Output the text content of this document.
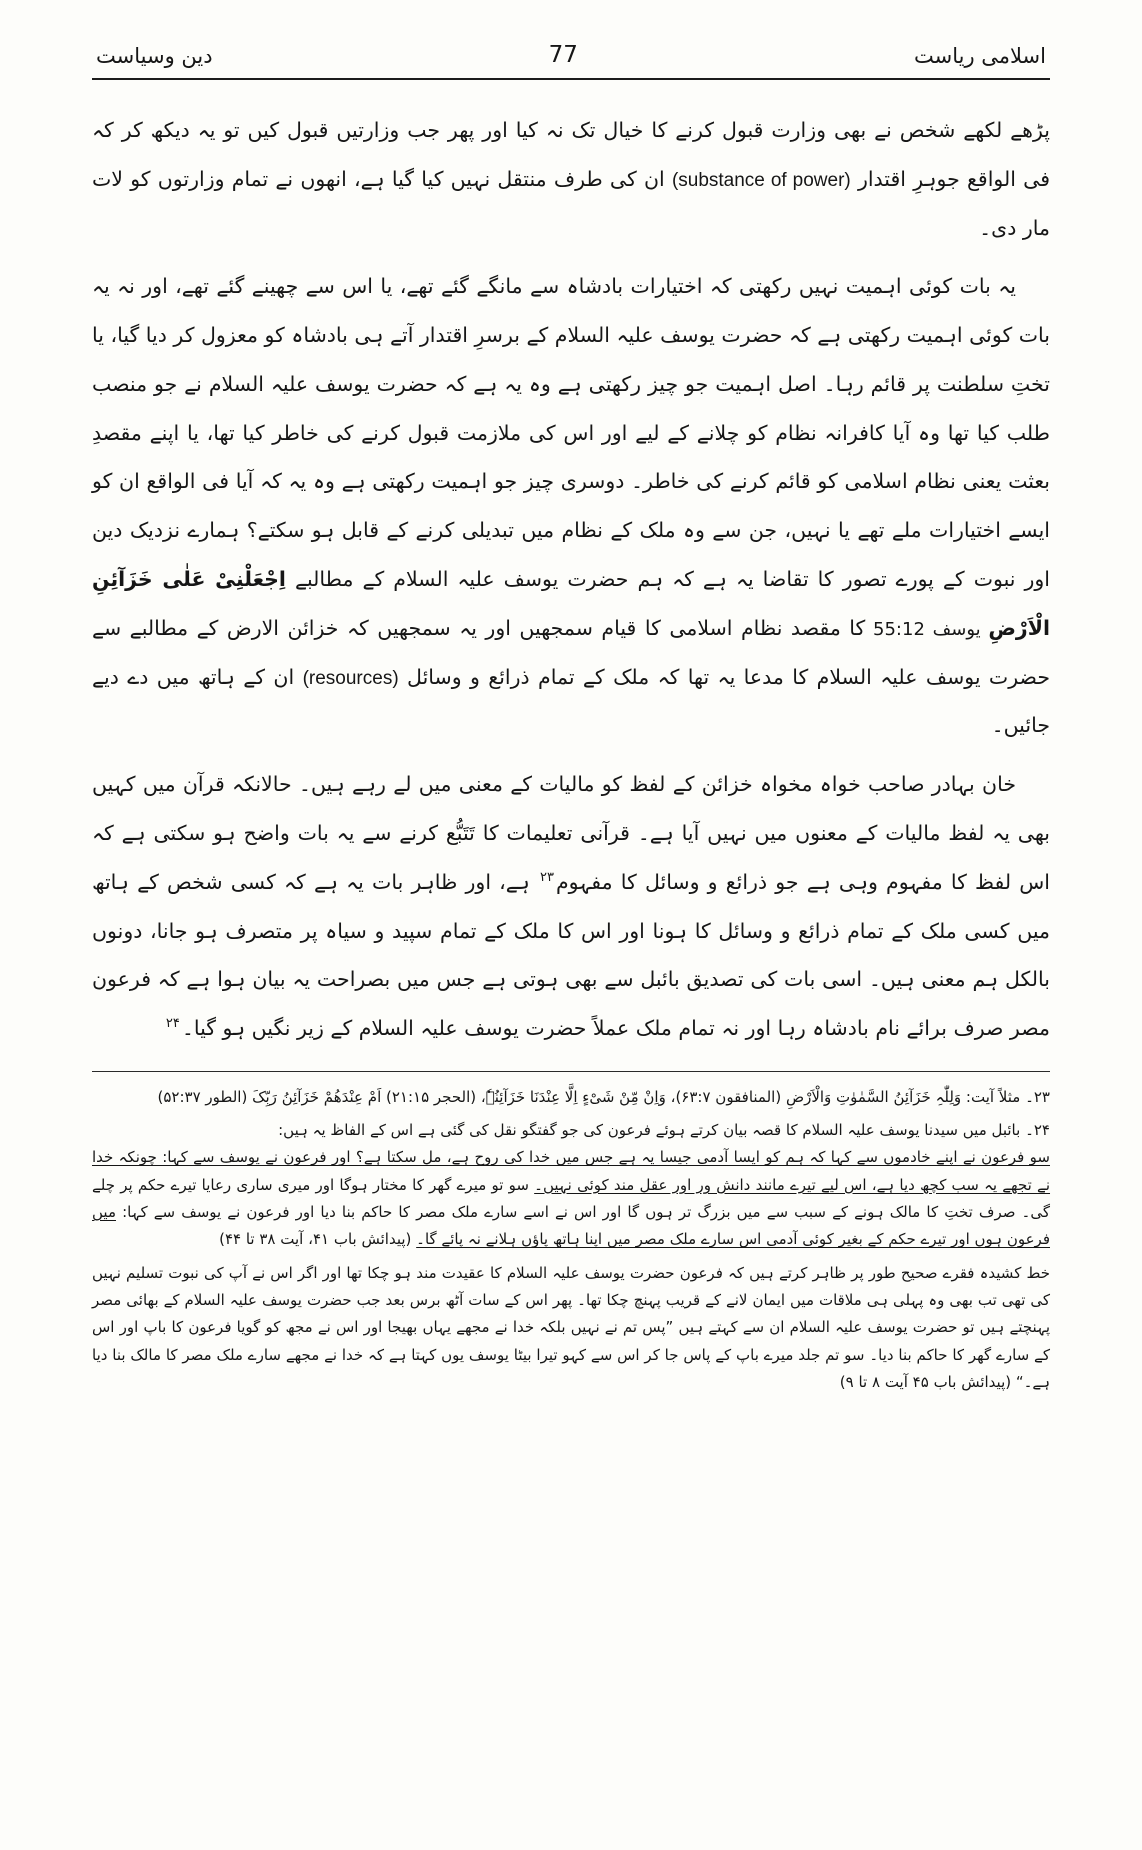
اسلامی ریاست
77
دین وسیاست

پڑھے لکھے شخص نے بھی وزارت قبول کرنے کا خیال تک نہ کیا اور پھر جب وزارتیں قبول کیں تو یہ دیکھ کر کہ فی الواقع جوہرِ اقتدار (substance of power) ان کی طرف منتقل نہیں کیا گیا ہے، انھوں نے تمام وزارتوں کو لات مار دی۔

یہ بات کوئی اہمیت نہیں رکھتی کہ اختیارات بادشاہ سے مانگے گئے تھے، یا اس سے چھینے گئے تھے، اور نہ یہ بات کوئی اہمیت رکھتی ہے کہ حضرت یوسف علیہ السلام کے برسرِ اقتدار آتے ہی بادشاہ کو معزول کر دیا گیا، یا تختِ سلطنت پر قائم رہا۔ اصل اہمیت جو چیز رکھتی ہے وہ یہ ہے کہ حضرت یوسف علیہ السلام نے جو منصب طلب کیا تھا وہ آیا کافرانہ نظام کو چلانے کے لیے اور اس کی ملازمت قبول کرنے کی خاطر کیا تھا، یا اپنے مقصدِ بعثت یعنی نظام اسلامی کو قائم کرنے کی خاطر۔ دوسری چیز جو اہمیت رکھتی ہے وہ یہ کہ آیا فی الواقع ان کو ایسے اختیارات ملے تھے یا نہیں، جن سے وہ ملک کے نظام میں تبدیلی کرنے کے قابل ہو سکتے؟ ہمارے نزدیک دین اور نبوت کے پورے تصور کا تقاضا یہ ہے کہ ہم حضرت یوسف علیہ السلام کے مطالبے اِجْعَلْنِیْ عَلٰی خَزَآئِنِ الْاَرْضِ یوسف 55:12 کا مقصد نظام اسلامی کا قیام سمجھیں اور یہ سمجھیں کہ خزائن الارض کے مطالبے سے حضرت یوسف علیہ السلام کا مدعا یہ تھا کہ ملک کے تمام ذرائع و وسائل (resources) ان کے ہاتھ میں دے دیے جائیں۔

خان بہادر صاحب خواہ مخواہ خزائن کے لفظ کو مالیات کے معنی میں لے رہے ہیں۔ حالانکہ قرآن میں کہیں بھی یہ لفظ مالیات کے معنوں میں نہیں آیا ہے۔ قرآنی تعلیمات کا تَتَبُّع کرنے سے یہ بات واضح ہو سکتی ہے کہ اس لفظ کا مفہوم وہی ہے جو ذرائع و وسائل کا مفہوم$^{۲۳}$ ہے، اور ظاہر بات یہ ہے کہ کسی شخص کے ہاتھ میں کسی ملک کے تمام ذرائع و وسائل کا ہونا اور اس کا ملک کے تمام سپید و سیاہ پر متصرف ہو جانا، دونوں بالکل ہم معنی ہیں۔ اسی بات کی تصدیق بائبل سے بھی ہوتی ہے جس میں بصراحت یہ بیان ہوا ہے کہ فرعون مصر صرف برائے نام بادشاہ رہا اور نہ تمام ملک عملاً حضرت یوسف علیہ السلام کے زیر نگیں ہو گیا۔$^{۲۴}$

۲۳۔ مثلاً آیت: وَلِلّٰہِ خَزَآئِنُ السَّمٰوٰتِ وَالْاَرْضِ (المنافقون ۶۳:۷)، وَاِنْ مِّنْ شَیْءٍ اِلَّا عِنْدَنَا خَزَآئِنُہٗ، (الحجر ۲۱:۱۵) اَمْ عِنْدَھُمْ خَزَآئِنُ رَبِّکَ (الطور ۵۲:۳۷)

۲۴۔ بائبل میں سیدنا یوسف علیہ السلام کا قصہ بیان کرتے ہوئے فرعون کی جو گفتگو نقل کی گئی ہے اس کے الفاظ یہ ہیں:
سو فرعون نے اپنے خادموں سے کہا کہ ہم کو ایسا آدمی جیسا یہ ہے جس میں خدا کی روح ہے، مل سکتا ہے؟ اور فرعون نے یوسف سے کہا: چونکہ خدا نے تجھے یہ سب کچھ دیا ہے، اس لیے تیرے مانند دانش ور اور عقل مند کوئی نہیں۔ سو تو میرے گھر کا مختار ہوگا اور میری ساری رعایا تیرے حکم پر چلے گی۔ صرف تختِ کا مالک ہونے کے سبب سے میں بزرگ تر ہوں گا اور اس نے اسے سارے ملک مصر کا حاکم بنا دیا اور فرعون نے یوسف سے کہا: میں فرعون ہوں اور تیرے حکم کے بغیر کوئی آدمی اس سارے ملک مصر میں اپنا ہاتھ پاؤں ہلانے نہ پائے گا۔ (پیدائش باب ۴۱، آیت ۳۸ تا ۴۴)

خط کشیدہ فقرے صحیح طور پر ظاہر کرتے ہیں کہ فرعون حضرت یوسف علیہ السلام کا عقیدت مند ہو چکا تھا اور اگر اس نے آپ کی نبوت تسلیم نہیں کی تھی تب بھی وہ پہلی ہی ملاقات میں ایمان لانے کے قریب پہنچ چکا تھا۔ پھر اس کے سات آٹھ برس بعد جب حضرت یوسف علیہ السلام کے بھائی مصر پہنچتے ہیں تو حضرت یوسف علیہ السلام ان سے کہتے ہیں ”پس تم نے نہیں بلکہ خدا نے مجھے یہاں بھیجا اور اس نے مجھ کو گویا فرعون کا باپ اور اس کے سارے گھر کا حاکم بنا دیا۔ سو تم جلد میرے باپ کے پاس جا کر اس سے کہو تیرا بیٹا یوسف یوں کہتا ہے کہ خدا نے مجھے سارے ملک مصر کا مالک بنا دیا ہے۔“ (پیدائش باب ۴۵ آیت ۸ تا ۹)
